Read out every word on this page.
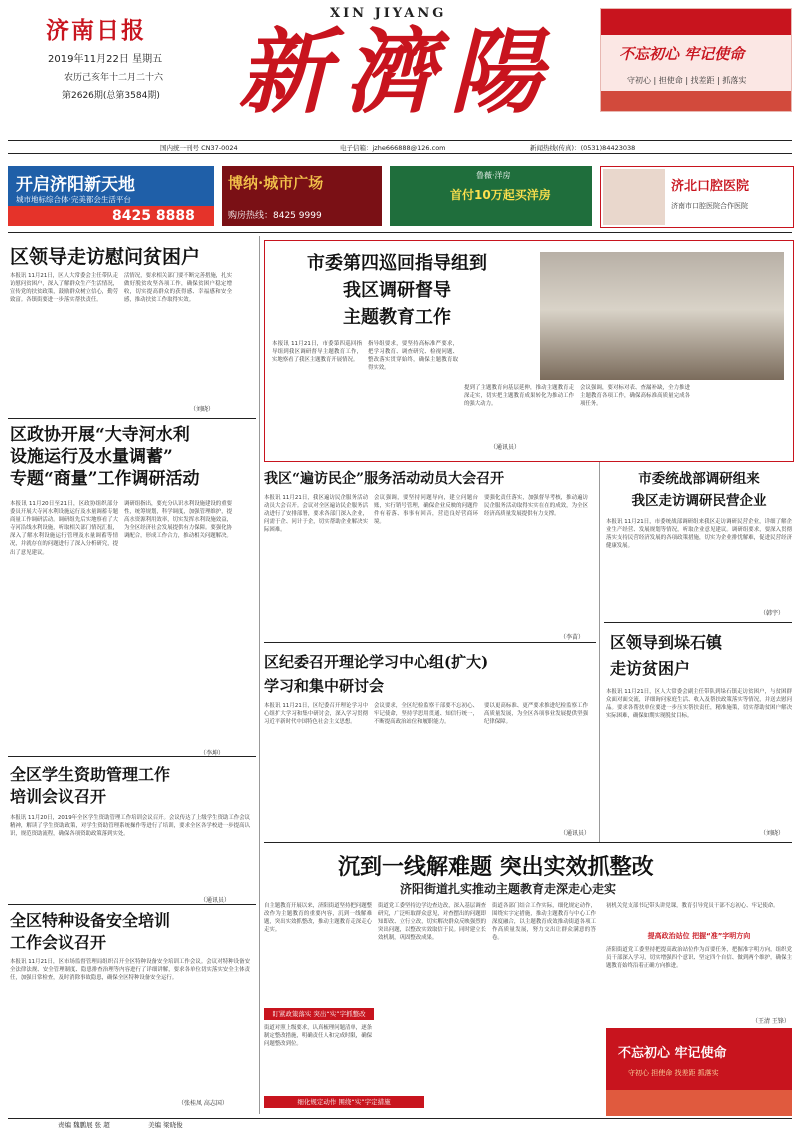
济南日报
2019年11月22日 星期五
农历己亥年十二月二十六
第2626期(总第3584期)
XIN JIYANG
新濟陽	不忘初心 牢记使命
守初心 | 担使命 | 找差距 | 抓落实
国内统一刊号 CN37-0024	电子信箱：jzhe666888@126.com	新闻热线(传真)：(0531)84423038
开启济阳新天地
城市地标综合体·完美都会生活平台
8425 8888
博纳·城市广场
购房热线：8425 9999
鲁薇·洋房
首付10万起买洋房
济北口腔医院
济南市口腔医院合作医院
区领导走访慰问贫困户
本报讯 11月21日，区人大常委会主任带队走访慰问贫困户，深入了解群众生产生活情况，宣传党的扶贫政策，鼓励群众树立信心，勤劳致富。各镇街要进一步落实帮扶责任。
活情况，要求相关部门要不断完善措施，扎实做好脱贫攻坚各项工作，确保贫困户稳定增收，切实提高群众的获得感、幸福感和安全感，推动扶贫工作取得实效。
（刘晓）
区政协开展“大寺河水利
设施运行及水量调蓄”
专题“商量”工作调研活动
本报讯 11月20日至21日，区政协组织部分委员开展大寺河水利设施运行及水量调蓄专题商量工作调研活动。调研组先后实地察看了大寺河沿线水利设施，听取相关部门情况汇报，深入了解水利设施运行管理及水量调蓄等情况，并就存在的问题进行了深入分析研究，提出了意见建议。
调研组指出，要充分认识水利设施建设的重要性，统筹规划，科学调度，加强管理维护，提高水资源利用效率，切实发挥水利设施效益，为全区经济社会发展提供有力保障。要强化协调配合，形成工作合力，推动相关问题解决。
（李坤）
全区学生资助管理工作
培训会议召开
本报讯 11月20日，2019年全区学生资助管理工作培训会议召开。会议传达了上级学生资助工作会议精神，解读了学生资助政策，对学生资助管理系统操作等进行了培训，要求全区各学校进一步提高认识，规范资助流程，确保各项资助政策落到实处。
（通讯员）
全区特种设备安全培训
工作会议召开
本报讯 11月21日，区市场监督管理局组织召开全区特种设备安全培训工作会议。会议对特种设备安全法律法规、安全管理制度、隐患排查治理等内容进行了详细讲解，要求各单位切实落实安全主体责任，加强日常检查，及时消除事故隐患，确保全区特种设备安全运行。
（张桂凤 高志国）
市委第四巡回指导组到
我区调研督导
主题教育工作
本报讯 11月21日，市委第四巡回指导组到我区调研督导主题教育工作，实地察看了我区主题教育开展情况。
指导组要求，要坚持高标准严要求，把学习教育、调查研究、检视问题、整改落实贯穿始终，确保主题教育取得实效。
提到了主题教育向基层延伸，推动主题教育走深走实，切实把主题教育成果转化为推动工作的强大动力。
会议强调，要对标对表、查漏补缺，全力推进主题教育各项工作，确保高标准高质量完成各项任务。
（通讯员）
我区“遍访民企”服务活动动员大会召开
本报讯 11月21日，我区遍访民企服务活动动员大会召开。会议对全区遍访民企服务活动进行了安排部署，要求各部门深入企业，问需于企、问计于企，切实帮助企业解决实际困难。
会议强调，要坚持问题导向，建立问题台账，实行销号管理，确保企业反映的问题件件有着落、事事有回音，营造良好营商环境。
要强化责任落实，加强督导考核，推动遍访民企服务活动取得实实在在的成效，为全区经济高质量发展提供有力支撑。
（李苗）
区纪委召开理论学习中心组(扩大)
学习和集中研讨会
本报讯 11月21日，区纪委召开理论学习中心组扩大学习和集中研讨会，深入学习贯彻习近平新时代中国特色社会主义思想。
会议要求，全区纪检监察干部要不忘初心、牢记使命，坚持学思用贯通、知信行统一，不断提高政治站位和履职能力。
要以更高标准、更严要求推进纪检监察工作高质量发展，为全区各项事业发展提供坚强纪律保障。
（通讯员）
市委统战部调研组来
我区走访调研民营企业
本报讯 11月21日，市委统战部调研组来我区走访调研民营企业，详细了解企业生产经营、发展规划等情况，听取企业意见建议。调研组要求，要深入贯彻落实支持民营经济发展的各项政策措施，切实为企业排忧解难，促进民营经济健康发展。
（韩宇）
区领导到垛石镇
走访贫困户
本报讯 11月21日，区人大常委会副主任带队到垛石镇走访贫困户，与贫困群众面对面交流，详细询问家庭生活、收入及帮扶政策落实等情况，并送去慰问品。要求各帮扶单位要进一步压实帮扶责任，精准施策，切实帮助贫困户解决实际困难，确保如期实现脱贫目标。
（刘晓）
沉到一线解难题 突出实效抓整改
济阳街道扎实推动主题教育走深走心走实
自主题教育开展以来，济阳街道坚持把问题整改作为主题教育的重要内容，沉到一线解难题，突出实效抓整改，推动主题教育走深走心走实。
盯紧政策落实 突出“实”字抓整改
街道对照上级要求，认真梳理问题清单，逐条制定整改措施，明确责任人和完成时限，确保问题整改到位。
细化规定动作 围绕“实”字定措施
街道党工委坚持边学边查边改，深入基层调查研究，广泛听取群众意见，对查摆出的问题即知即改、立行立改，切实解决群众反映强烈的突出问题，以整改实效取信于民。同时建立长效机制，巩固整改成果。
街道各部门结合工作实际，细化规定动作，围绕实字定措施，推动主题教育与中心工作深度融合，以主题教育成效推动街道各项工作高质量发展，努力交出让群众满意的答卷。	提高政治站位 把握“准”字明方向
初机关党支部书记带头讲党课，教育引导党员干部不忘初心、牢记使命。
济阳街道党工委坚持把提高政治站位作为首要任务，把握准字明方向，组织党员干部深入学习，切实增强四个意识、坚定四个自信、做到两个维护，确保主题教育始终沿着正确方向推进。
（王清 王锋）
不忘初心 牢记使命
守初心 担使命 找差距 抓落实
责编 魏鹏展 张 超	美编 梁晓俊
